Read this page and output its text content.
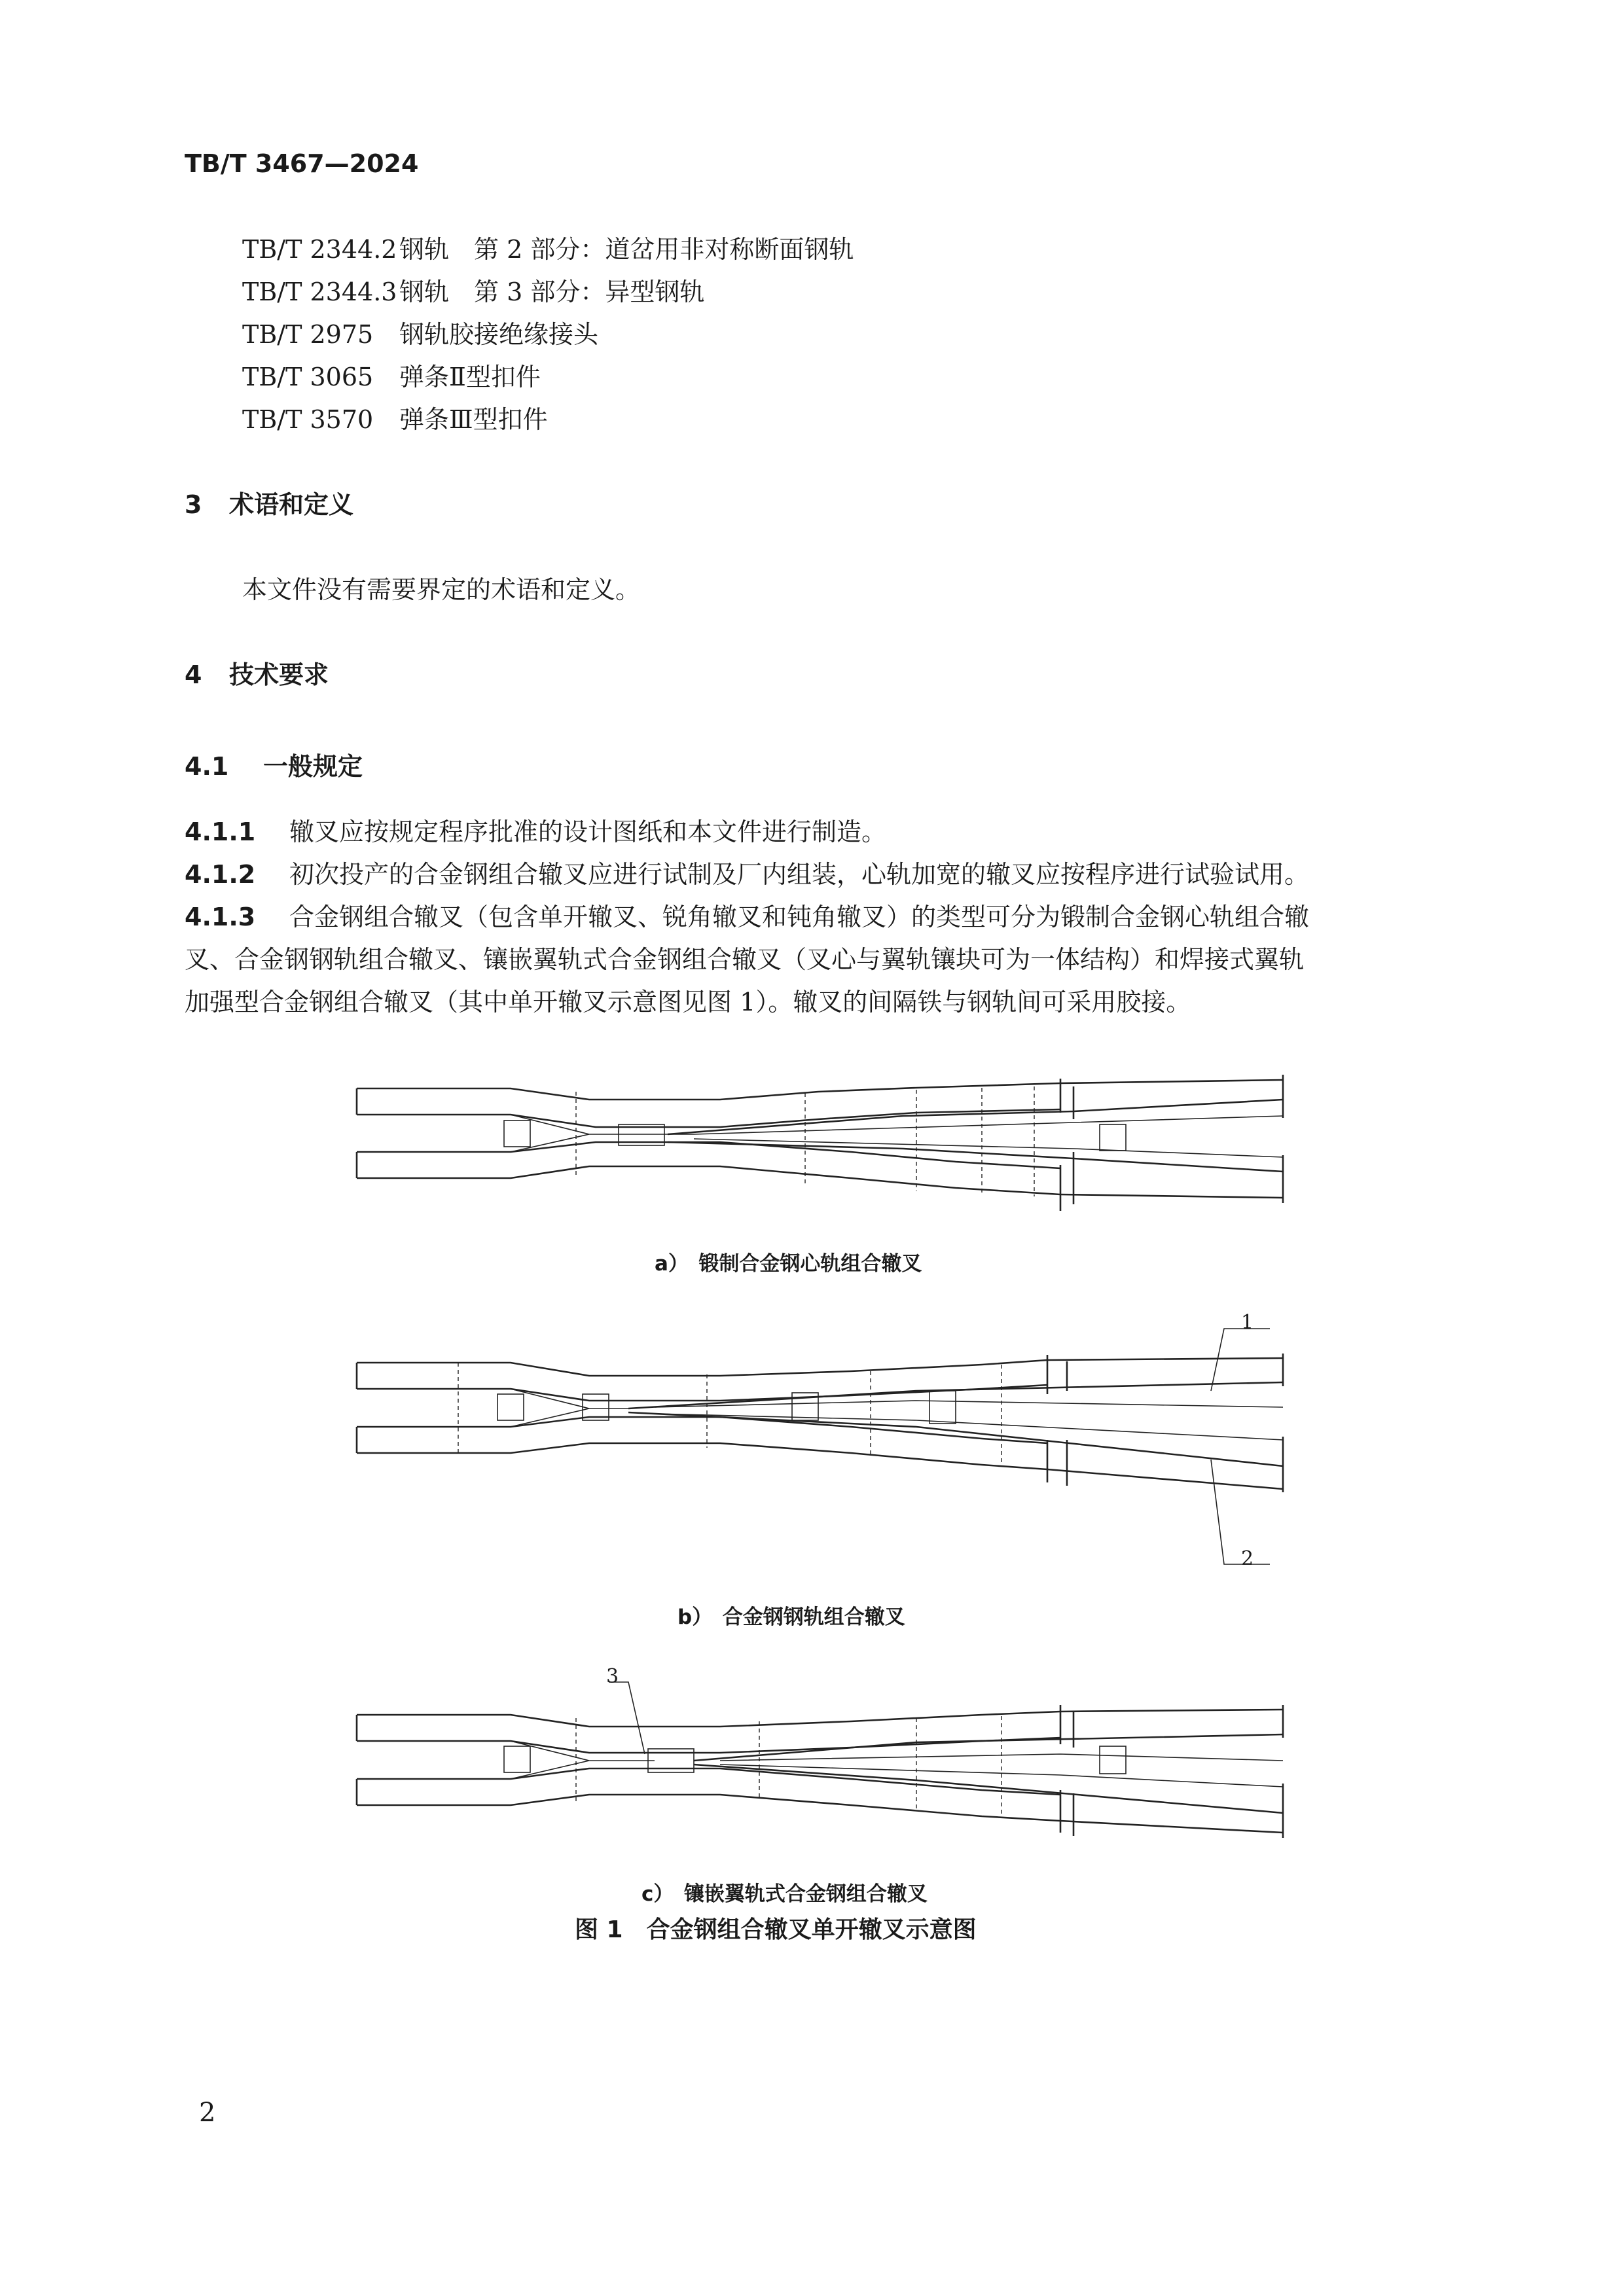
TB/T 3467—2024
TB/T 2344.2钢轨　第 2 部分：道岔用非对称断面钢轨
TB/T 2344.3钢轨　第 3 部分：异型钢轨
TB/T 2975 钢轨胶接绝缘接头
TB/T 3065 弹条Ⅱ型扣件
TB/T 3570 弹条Ⅲ型扣件
3 术语和定义
本文件没有需要界定的术语和定义。
4 技术要求
4.1 一般规定
4.1.1 辙叉应按规定程序批准的设计图纸和本文件进行制造。
4.1.2 初次投产的合金钢组合辙叉应进行试制及厂内组装，心轨加宽的辙叉应按程序进行试验试用。
4.1.3 合金钢组合辙叉（包含单开辙叉、锐角辙叉和钝角辙叉）的类型可分为锻制合金钢心轨组合辙
叉、合金钢钢轨组合辙叉、镶嵌翼轨式合金钢组合辙叉（叉心与翼轨镶块可为一体结构）和焊接式翼轨
加强型合金钢组合辙叉（其中单开辙叉示意图见图 1）。辙叉的间隔铁与钢轨间可采用胶接。
1
2
3
a）　锻制合金钢心轨组合辙叉
b）　合金钢钢轨组合辙叉
c）　镶嵌翼轨式合金钢组合辙叉
图 1　合金钢组合辙叉单开辙叉示意图
2
